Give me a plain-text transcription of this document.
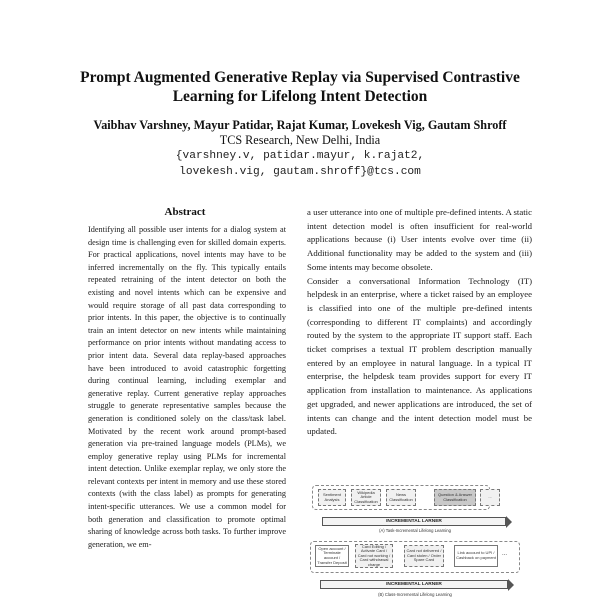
Prompt Augmented Generative Replay via Supervised Contrastive Learning for Lifelong Intent Detection
Vaibhav Varshney, Mayur Patidar, Rajat Kumar, Lovekesh Vig, Gautam Shroff
TCS Research, New Delhi, India
{varshney.v, patidar.mayur, k.rajat2,
lovekesh.vig, gautam.shroff}@tcs.com
Abstract
Identifying all possible user intents for a dialog system at design time is challenging even for skilled domain experts. For practical applications, novel intents may have to be inferred incrementally on the fly. This typically entails repeated retraining of the intent detector on both the existing and novel intents which can be expensive and would require storage of all past data corresponding to prior intents. In this paper, the objective is to continually train an intent detector on new intents while maintaining performance on prior intents without mandating access to prior intent data. Several data replay-based approaches have been introduced to avoid catastrophic forgetting during continual learning, including exemplar and generative replay. Current generative replay approaches struggle to generate representative samples because the generation is conditioned solely on the class/task label. Motivated by the recent work around prompt-based generation via pre-trained language models (PLMs), we employ generative replay using PLMs for incremental intent detection. Unlike exemplar replay, we only store the relevant contexts per intent in memory and use these stored contexts (with the class label) as prompts for generating intent-specific utterances. We use a common model for both generation and classification to promote optimal sharing of knowledge across both tasks. To further improve generation, we em-

a user utterance into one of multiple pre-defined intents. A static intent detection model is often insufficient for real-world applications because (i) User intents evolve over time (ii) Additional functionality may be added to the system and (iii) Some intents may become obsolete.

Consider a conversational Information Technology (IT) helpdesk in an enterprise, where a ticket raised by an employee is classified into one of the multiple pre-defined intents (corresponding to different IT complaints) and accordingly routed by the system to the appropriate IT support staff. Each ticket comprises a textual IT problem description manually entered by an employee in natural language. In a typical IT enterprise, the helpdesk team provides support for every IT application from installation to maintenance. As applications get upgraded, and newer applications are introduced, the set of intents can change and the intent detection model must be updated.

Sentiment Analysis
Wikipedia Article Classification
News Classification
Question & Answer Classification	...
INCREMENTAL LARNER
(A) Task-Incremental Lifelong Learning
Open account / Terminate account / Transfer Deposit
Card Editing / Activate Card / Card not working / Card withdrawal charge
Card not delivered / Card stolen / Order Spare Card
Link account to UPI / Cashback on payment
...
INCREMENTAL LARNER
(B) Class-Incremental Lifelong Learning
